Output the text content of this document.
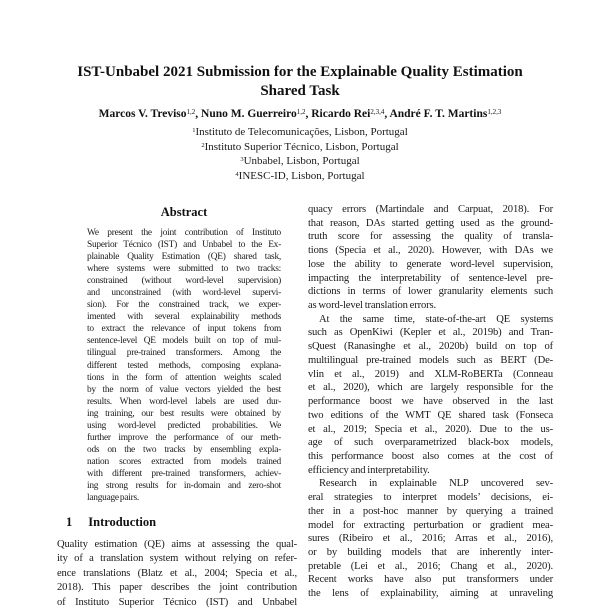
IST-Unbabel 2021 Submission for the Explainable Quality Estimation
Shared Task
Marcos V. Treviso$^{1,2}$, Nuno M. Guerreiro$^{1,2}$, Ricardo Rei$^{2,3,4}$, André F. T. Martins$^{1,2,3}$
$^1$Instituto de Telecomunicações, Lisbon, Portugal
$^2$Instituto Superior Técnico, Lisbon, Portugal
$^3$Unbabel, Lisbon, Portugal
$^4$INESC-ID, Lisbon, Portugal
Abstract
We present the joint contribution of Instituto
Superior Técnico (IST) and Unbabel to the Ex-
plainable Quality Estimation (QE) shared task,
where systems were submitted to two tracks:
constrained (without word-level supervision)
and unconstrained (with word-level supervi-
sion). For the constrained track, we exper-
imented with several explainability methods
to extract the relevance of input tokens from
sentence-level QE models built on top of mul-
tilingual pre-trained transformers. Among the
different tested methods, composing explana-
tions in the form of attention weights scaled
by the norm of value vectors yielded the best
results. When word-level labels are used dur-
ing training, our best results were obtained by
using word-level predicted probabilities. We
further improve the performance of our meth-
ods on the two tracks by ensembling expla-
nation scores extracted from models trained
with different pre-trained transformers, achiev-
ing strong results for in-domain and zero-shot
language pairs.
1 Introduction
Quality estimation (QE) aims at assessing the qual-
ity of a translation system without relying on refer-
ence translations (Blatz et al., 2004; Specia et al.,
2018). This paper describes the joint contribution
of Instituto Superior Técnico (IST) and Unbabel
quacy errors (Martindale and Carpuat, 2018). For
that reason, DAs started getting used as the ground-
truth score for assessing the quality of transla-
tions (Specia et al., 2020). However, with DAs we
lose the ability to generate word-level supervision,
impacting the interpretability of sentence-level pre-
dictions in terms of lower granularity elements such
as word-level translation errors.
At the same time, state-of-the-art QE systems
such as OpenKiwi (Kepler et al., 2019b) and Tran-
sQuest (Ranasinghe et al., 2020b) build on top of
multilingual pre-trained models such as BERT (De-
vlin et al., 2019) and XLM-RoBERTa (Conneau
et al., 2020), which are largely responsible for the
performance boost we have observed in the last
two editions of the WMT QE shared task (Fonseca
et al., 2019; Specia et al., 2020). Due to the us-
age of such overparametrized black-box models,
this performance boost also comes at the cost of
efficiency and interpretability.
Research in explainable NLP uncovered sev-
eral strategies to interpret models’ decisions, ei-
ther in a post-hoc manner by querying a trained
model for extracting perturbation or gradient mea-
sures (Ribeiro et al., 2016; Arras et al., 2016),
or by building models that are inherently inter-
pretable (Lei et al., 2016; Chang et al., 2020).
Recent works have also put transformers under
the lens of explainability, aiming at unraveling
